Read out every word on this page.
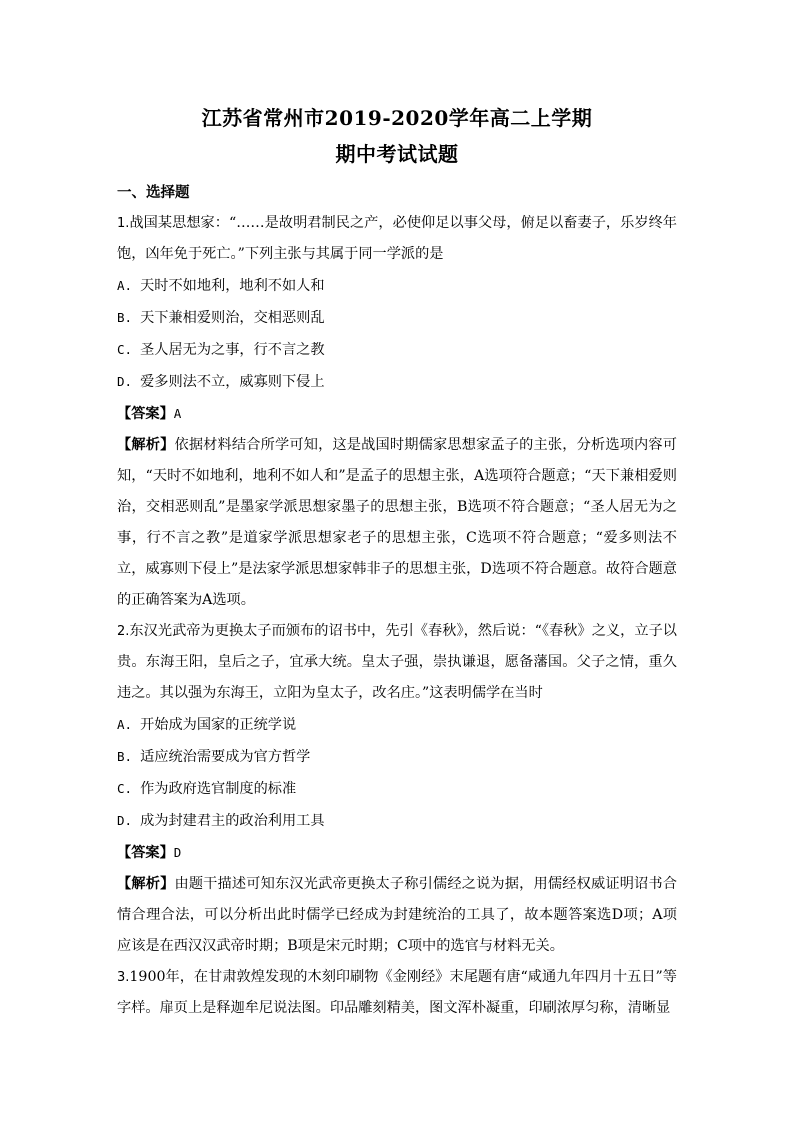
江苏省常州市2019-2020学年高二上学期
期中考试试题
一、选择题

1.战国某思想家：“……是故明君制民之产，必使仰足以事父母，俯足以畜妻子，乐岁终年饱，凶年免于死亡。”下列主张与其属于同一学派的是

A. 天时不如地利，地利不如人和

B. 天下兼相爱则治，交相恶则乱

C. 圣人居无为之事，行不言之教

D. 爱多则法不立，威寡则下侵上

【答案】A

【解析】依据材料结合所学可知，这是战国时期儒家思想家孟子的主张，分析选项内容可知，“天时不如地利，地利不如人和”是孟子的思想主张，A选项符合题意；“天下兼相爱则治，交相恶则乱”是墨家学派思想家墨子的思想主张，B选项不符合题意；“圣人居无为之事，行不言之教”是道家学派思想家老子的思想主张，C选项不符合题意；“爱多则法不立，威寡则下侵上”是法家学派思想家韩非子的思想主张，D选项不符合题意。故符合题意的正确答案为A选项。

2.东汉光武帝为更换太子而颁布的诏书中，先引《春秋》，然后说：“《春秋》之义，立子以贵。东海王阳，皇后之子，宜承大统。皇太子强，崇执谦退，愿备藩国。父子之情，重久违之。其以强为东海王，立阳为皇太子，改名庄。”这表明儒学在当时

A. 开始成为国家的正统学说

B. 适应统治需要成为官方哲学

C. 作为政府选官制度的标准

D. 成为封建君主的政治利用工具

【答案】D

【解析】由题干描述可知东汉光武帝更换太子称引儒经之说为据，用儒经权威证明诏书合情合理合法，可以分析出此时儒学已经成为封建统治的工具了，故本题答案选D项；A项应该是在西汉汉武帝时期；B项是宋元时期；C项中的选官与材料无关。

3.1900年，在甘肃敦煌发现的木刻印刷物《金刚经》末尾题有唐“咸通九年四月十五日”等字样。扉页上是释迦牟尼说法图。印品雕刻精美，图文浑朴凝重，印刷浓厚匀称，清晰显
